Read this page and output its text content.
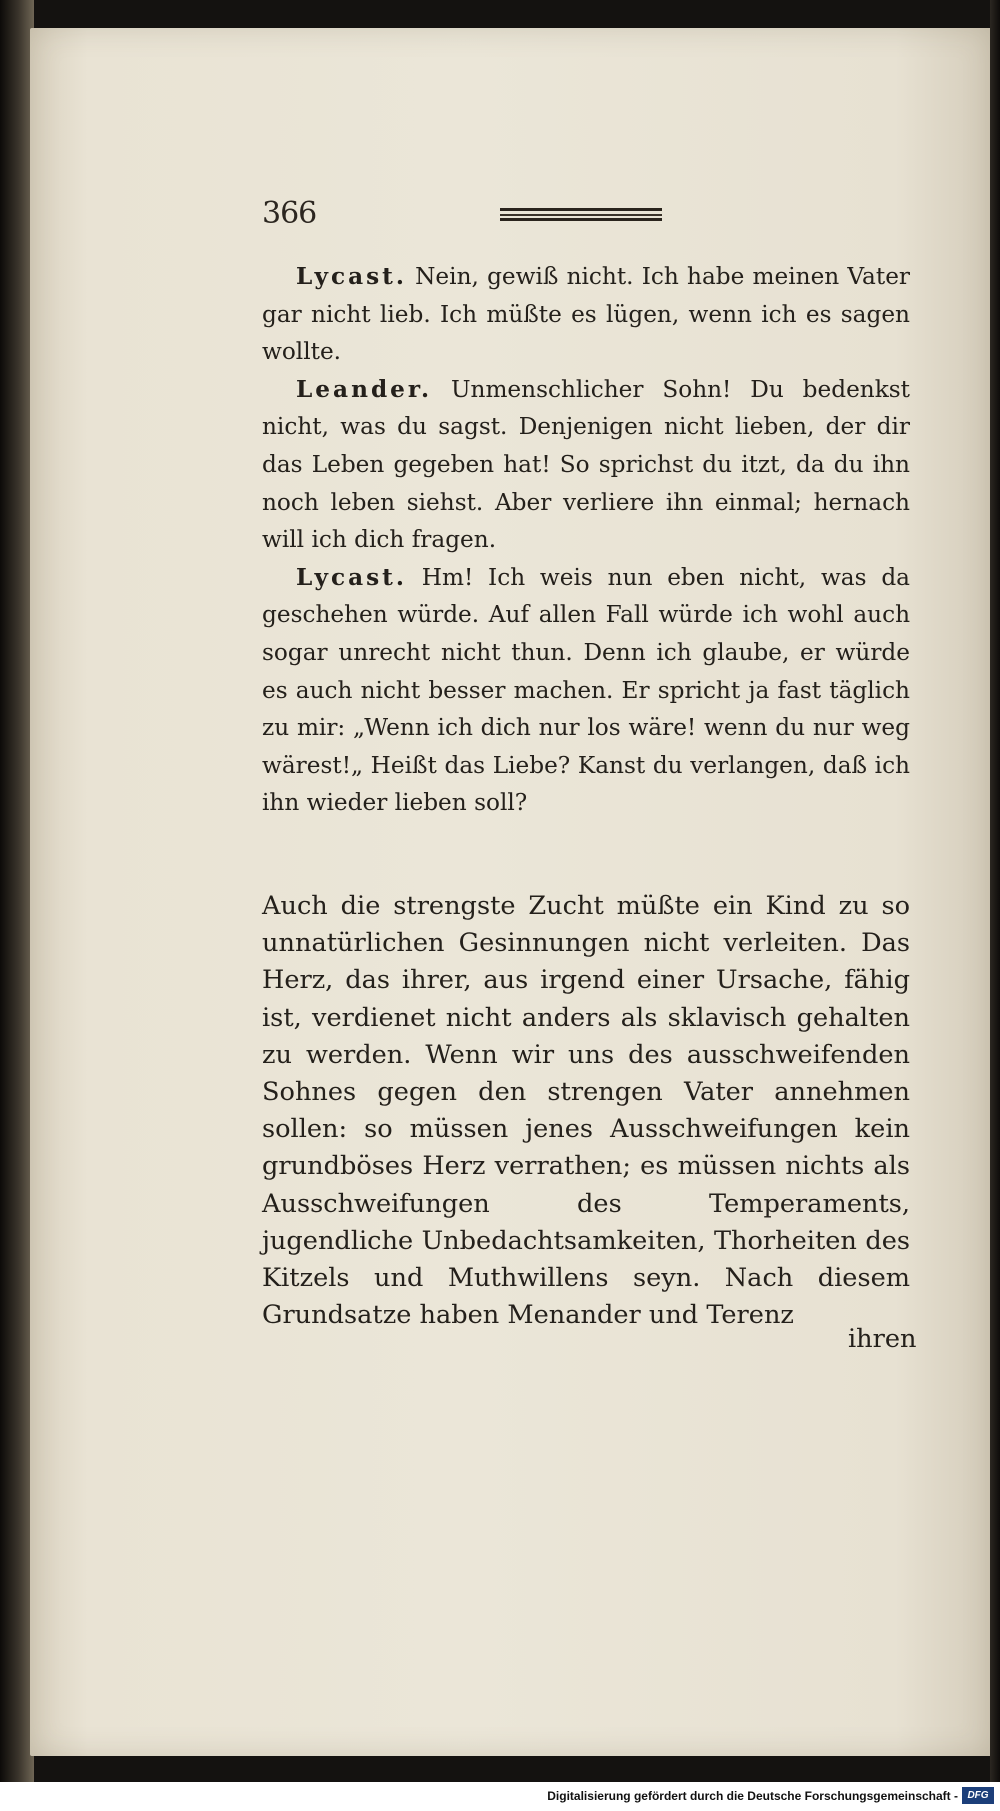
366

Lycast. Nein, gewiß nicht. Ich habe meinen Vater gar nicht lieb. Ich müßte es lügen, wenn ich es sagen wollte.

Leander. Unmenschlicher Sohn! Du bedenkst nicht, was du sagst. Denjenigen nicht lieben, der dir das Leben gegeben hat! So sprichst du itzt, da du ihn noch leben siehst. Aber verliere ihn einmal; hernach will ich dich fragen.

Lycast. Hm! Ich weis nun eben nicht, was da geschehen würde. Auf allen Fall würde ich wohl auch sogar unrecht nicht thun. Denn ich glaube, er würde es auch nicht besser machen. Er spricht ja fast täglich zu mir: „Wenn ich dich nur los wäre! wenn du nur weg wärest!„ Heißt das Liebe? Kanst du verlangen, daß ich ihn wieder lieben soll?

Auch die strengste Zucht müßte ein Kind zu so unnatürlichen Gesinnungen nicht verleiten. Das Herz, das ihrer, aus irgend einer Ursache, fähig ist, verdienet nicht anders als sklavisch gehalten zu werden. Wenn wir uns des ausschweifenden Sohnes gegen den strengen Vater annehmen sollen: so müssen jenes Ausschweifungen kein grundböses Herz verrathen; es müssen nichts als Ausschweifungen des Temperaments, jugendliche Unbedachtsamkeiten, Thorheiten des Kitzels und Muthwillens seyn. Nach diesem Grundsatze haben Menander und Terenz

ihren
Digitalisierung gefördert durch die Deutsche Forschungsgemeinschaft - DFG
